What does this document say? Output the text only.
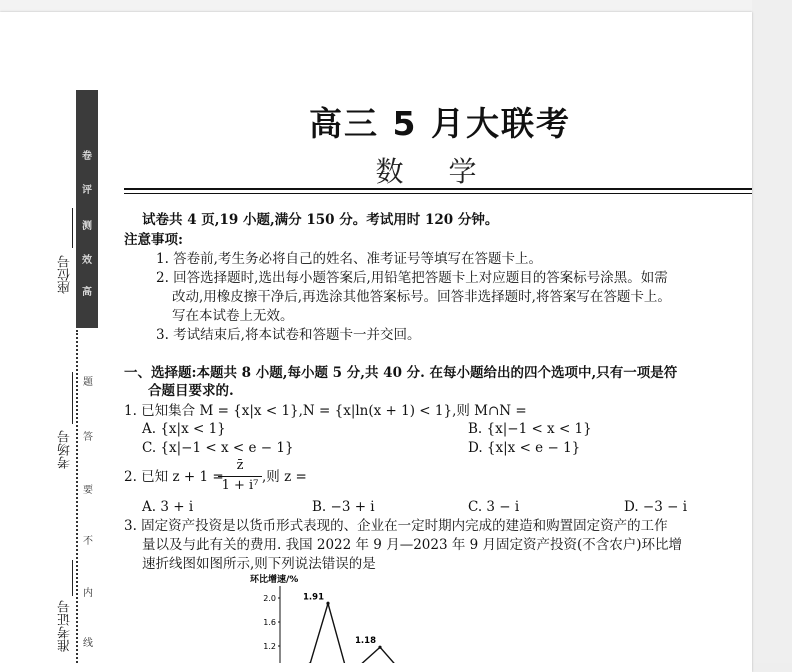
卷
评
测
效
高
题
答
要
不
内
线
座位号
考场号
准考证号
高三 5 月大联考
数 学
试卷共 4 页,19 小题,满分 150 分。考试用时 120 分钟。
注意事项:
1. 答卷前,考生务必将自己的姓名、准考证号等填写在答题卡上。
2. 回答选择题时,选出每小题答案后,用铅笔把答题卡上对应题目的答案标号涂黑。如需
改动,用橡皮擦干净后,再选涂其他答案标号。回答非选择题时,将答案写在答题卡上。
写在本试卷上无效。
3. 考试结束后,将本试卷和答题卡一并交回。
一、选择题:本题共 8 小题,每小题 5 分,共 40 分. 在每小题给出的四个选项中,只有一项是符
合题目要求的.
1. 已知集合 M = {x|x < 1},N = {x|ln(x + 1) < 1},则 M∩N =
A. {x|x < 1}	B. {x|−1 < x < 1}
C. {x|−1 < x < e − 1}	D. {x|x < e − 1}
2. 已知 z + 1 =
z̄
1 + i⁷
,则 z =
A. 3 + i	B. −3 + i	C. 3 − i	D. −3 − i
3. 固定资产投资是以货币形式表现的、企业在一定时期内完成的建造和购置固定资产的工作
量以及与此有关的费用. 我国 2022 年 9 月—2023 年 9 月固定资产投资(不含农户)环比增
速折线图如图所示,则下列说法错误的是
环比增速/%
2.0
1.6
1.2
1.91
1.18
